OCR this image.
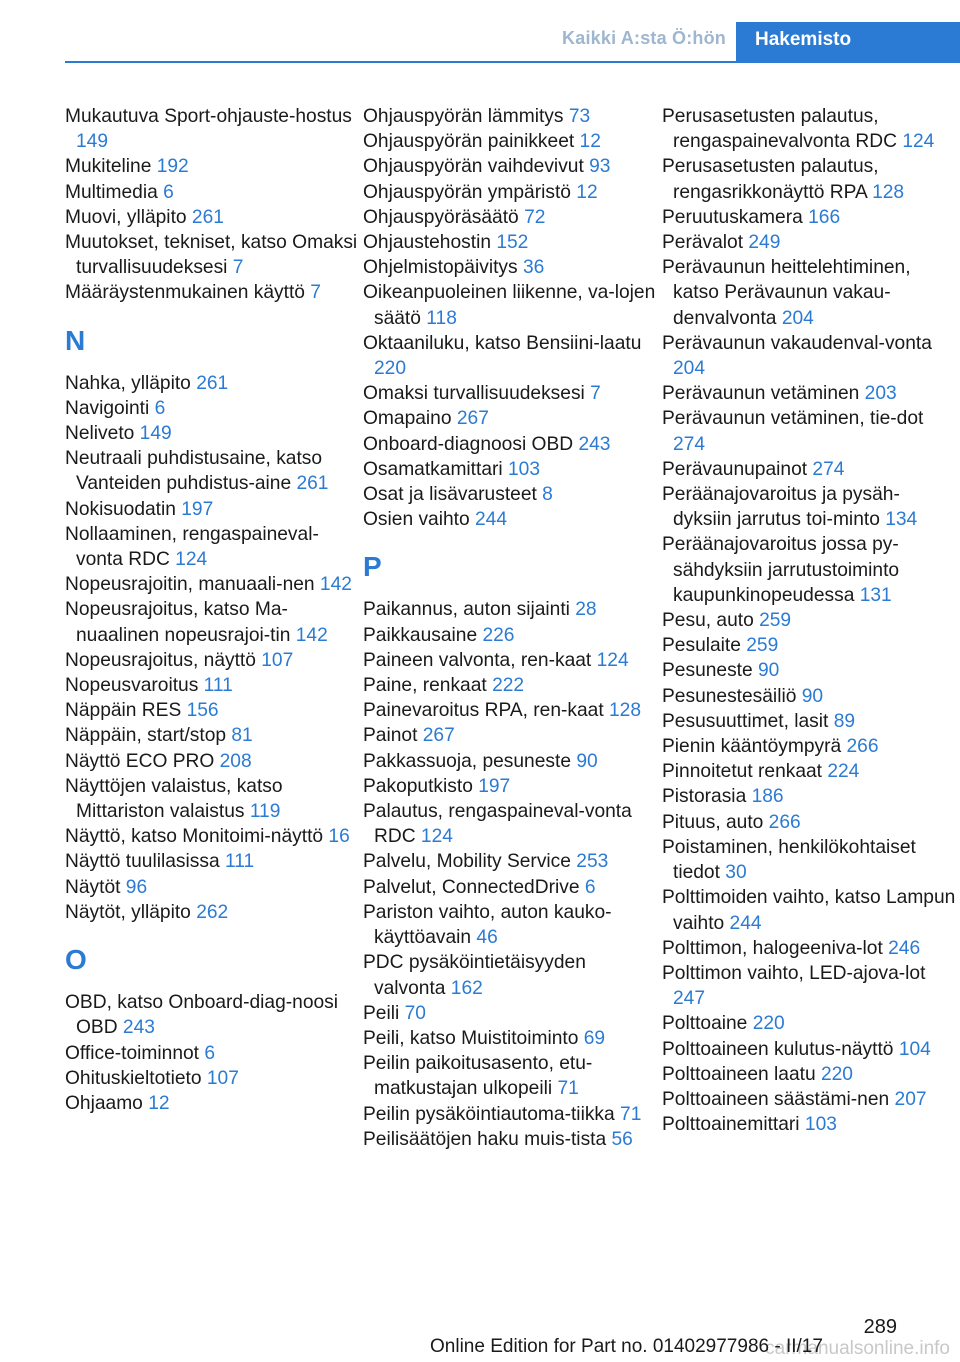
Kaikki A:sta Ö:hön	Hakemisto
Mukautuva Sport-ohjauste-hostus 149
Mukiteline 192
Multimedia 6
Muovi, ylläpito 261
Muutokset, tekniset, katso Omaksi turvallisuudeksesi 7
Määräystenmukainen käyttö 7
N
Nahka, ylläpito 261
Navigointi 6
Neliveto 149
Neutraali puhdistusaine, katso Vanteiden puhdistus-aine 261
Nokisuodatin 197
Nollaaminen, rengaspaineval-vonta RDC 124
Nopeusrajoitin, manuaali-nen 142
Nopeusrajoitus, katso Ma-nuaalinen nopeusrajoi-tin 142
Nopeusrajoitus, näyttö 107
Nopeusvaroitus 111
Näppäin RES 156
Näppäin, start/stop 81
Näyttö ECO PRO 208
Näyttöjen valaistus, katso Mittariston valaistus 119
Näyttö, katso Monitoimi-näyttö 16
Näyttö tuulilasissa 111
Näytöt 96
Näytöt, ylläpito 262
O
OBD, katso Onboard-diag-noosi OBD 243
Office-toiminnot 6
Ohituskieltotieto 107
Ohjaamo 12
Ohjauspyörän lämmitys 73
Ohjauspyörän painikkeet 12
Ohjauspyörän vaihdevivut 93
Ohjauspyörän ympäristö 12
Ohjauspyöräsäätö 72
Ohjaustehostin 152
Ohjelmistopäivitys 36
Oikeanpuoleinen liikenne, va-lojen säätö 118
Oktaaniluku, katso Bensiini-laatu 220
Omaksi turvallisuudeksesi 7
Omapaino 267
Onboard-diagnoosi OBD 243
Osamatkamittari 103
Osat ja lisävarusteet 8
Osien vaihto 244
P
Paikannus, auton sijainti 28
Paikkausaine 226
Paineen valvonta, ren-kaat 124
Paine, renkaat 222
Painevaroitus RPA, ren-kaat 128
Painot 267
Pakkassuoja, pesuneste 90
Pakoputkisto 197
Palautus, rengaspaineval-vonta RDC 124
Palvelu, Mobility Service 253
Palvelut, ConnectedDrive 6
Pariston vaihto, auton kauko-käyttöavain 46
PDC pysäköintietäisyyden valvonta 162
Peili 70
Peili, katso Muistitoiminto 69
Peilin paikoitusasento, etu-matkustajan ulkopeili 71
Peilin pysäköintiautoma-tiikka 71
Peilisäätöjen haku muis-tista 56
Perusasetusten palautus, rengaspainevalvonta RDC 124
Perusasetusten palautus, rengasrikkonäyttö RPA 128
Peruutuskamera 166
Perävalot 249
Perävaunun heittelehtiminen, katso Perävaunun vakau-denvalvonta 204
Perävaunun vakaudenval-vonta 204
Perävaunun vetäminen 203
Perävaunun vetäminen, tie-dot 274
Perävaunupainot 274
Peräänajovaroitus ja pysäh-dyksiin jarrutus toi-minto 134
Peräänajovaroitus jossa py-sähdyksiin jarrutustoiminto kaupunkinopeudessa 131
Pesu, auto 259
Pesulaite 259
Pesuneste 90
Pesunestesäiliö 90
Pesusuuttimet, lasit 89
Pienin kääntöympyrä 266
Pinnoitetut renkaat 224
Pistorasia 186
Pituus, auto 266
Poistaminen, henkilökohtaiset tiedot 30
Polttimoiden vaihto, katso Lampun vaihto 244
Polttimon, halogeeniva-lot 246
Polttimon vaihto, LED-ajova-lot 247
Polttoaine 220
Polttoaineen kulutus-näyttö 104
Polttoaineen laatu 220
Polttoaineen säästämi-nen 207
Polttoainemittari 103
289
carmanualsonline.info
Online Edition for Part no. 01402977986 - II/17
